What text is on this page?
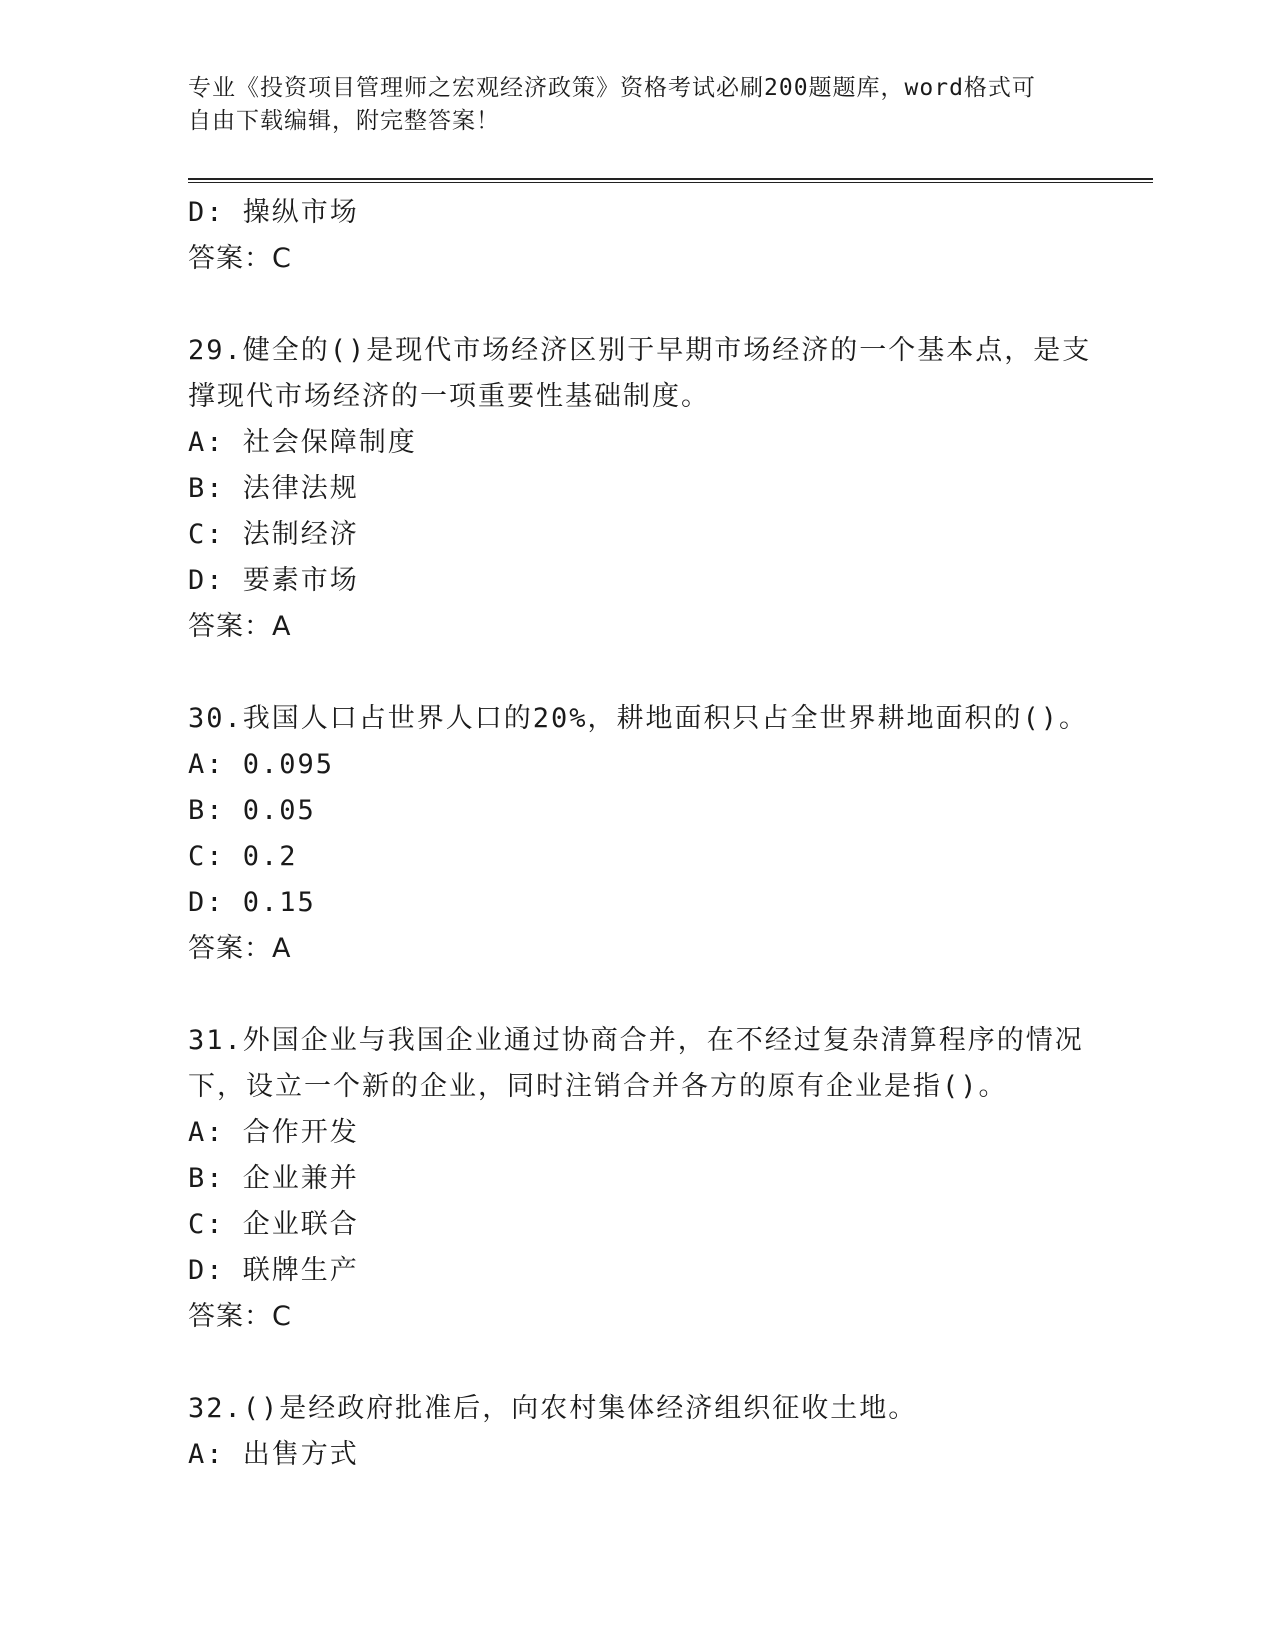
专业《投资项目管理师之宏观经济政策》资格考试必刷200题题库，word格式可
自由下载编辑，附完整答案！
D: 操纵市场
答案：C
29.健全的()是现代市场经济区别于早期市场经济的一个基本点，是支
撑现代市场经济的一项重要性基础制度。
A: 社会保障制度
B: 法律法规
C: 法制经济
D: 要素市场
答案：A
30.我国人口占世界人口的20%，耕地面积只占全世界耕地面积的()。
A: 0.095
B: 0.05
C: 0.2
D: 0.15
答案：A
31.外国企业与我国企业通过协商合并，在不经过复杂清算程序的情况
下，设立一个新的企业，同时注销合并各方的原有企业是指()。
A: 合作开发
B: 企业兼并
C: 企业联合
D: 联牌生产
答案：C
32.()是经政府批准后，向农村集体经济组织征收土地。
A: 出售方式
